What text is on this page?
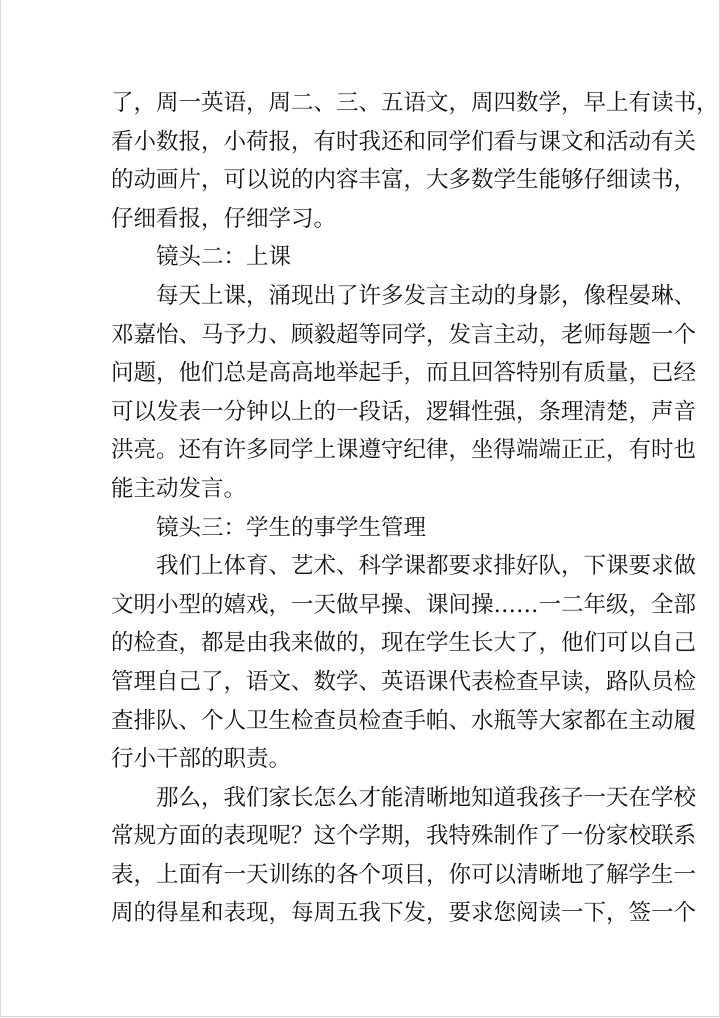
了，周一英语，周二、三、五语文，周四数学，早上有读书，
看小数报，小荷报，有时我还和同学们看与课文和活动有关
的动画片，可以说的内容丰富，大多数学生能够仔细读书，
仔细看报，仔细学习。
镜头二：上课
每天上课，涌现出了许多发言主动的身影，像程晏琳、
邓嘉怡、马予力、顾毅超等同学，发言主动，老师每题一个
问题，他们总是高高地举起手，而且回答特别有质量，已经
可以发表一分钟以上的一段话，逻辑性强，条理清楚，声音
洪亮。还有许多同学上课遵守纪律，坐得端端正正，有时也
能主动发言。
镜头三：学生的事学生管理
我们上体育、艺术、科学课都要求排好队，下课要求做
文明小型的嬉戏，一天做早操、课间操……一二年级，全部
的检查，都是由我来做的，现在学生长大了，他们可以自己
管理自己了，语文、数学、英语课代表检查早读，路队员检
查排队、个人卫生检查员检查手帕、水瓶等大家都在主动履
行小干部的职责。
那么，我们家长怎么才能清晰地知道我孩子一天在学校
常规方面的表现呢？这个学期，我特殊制作了一份家校联系
表，上面有一天训练的各个项目，你可以清晰地了解学生一
周的得星和表现，每周五我下发，要求您阅读一下，签一个
